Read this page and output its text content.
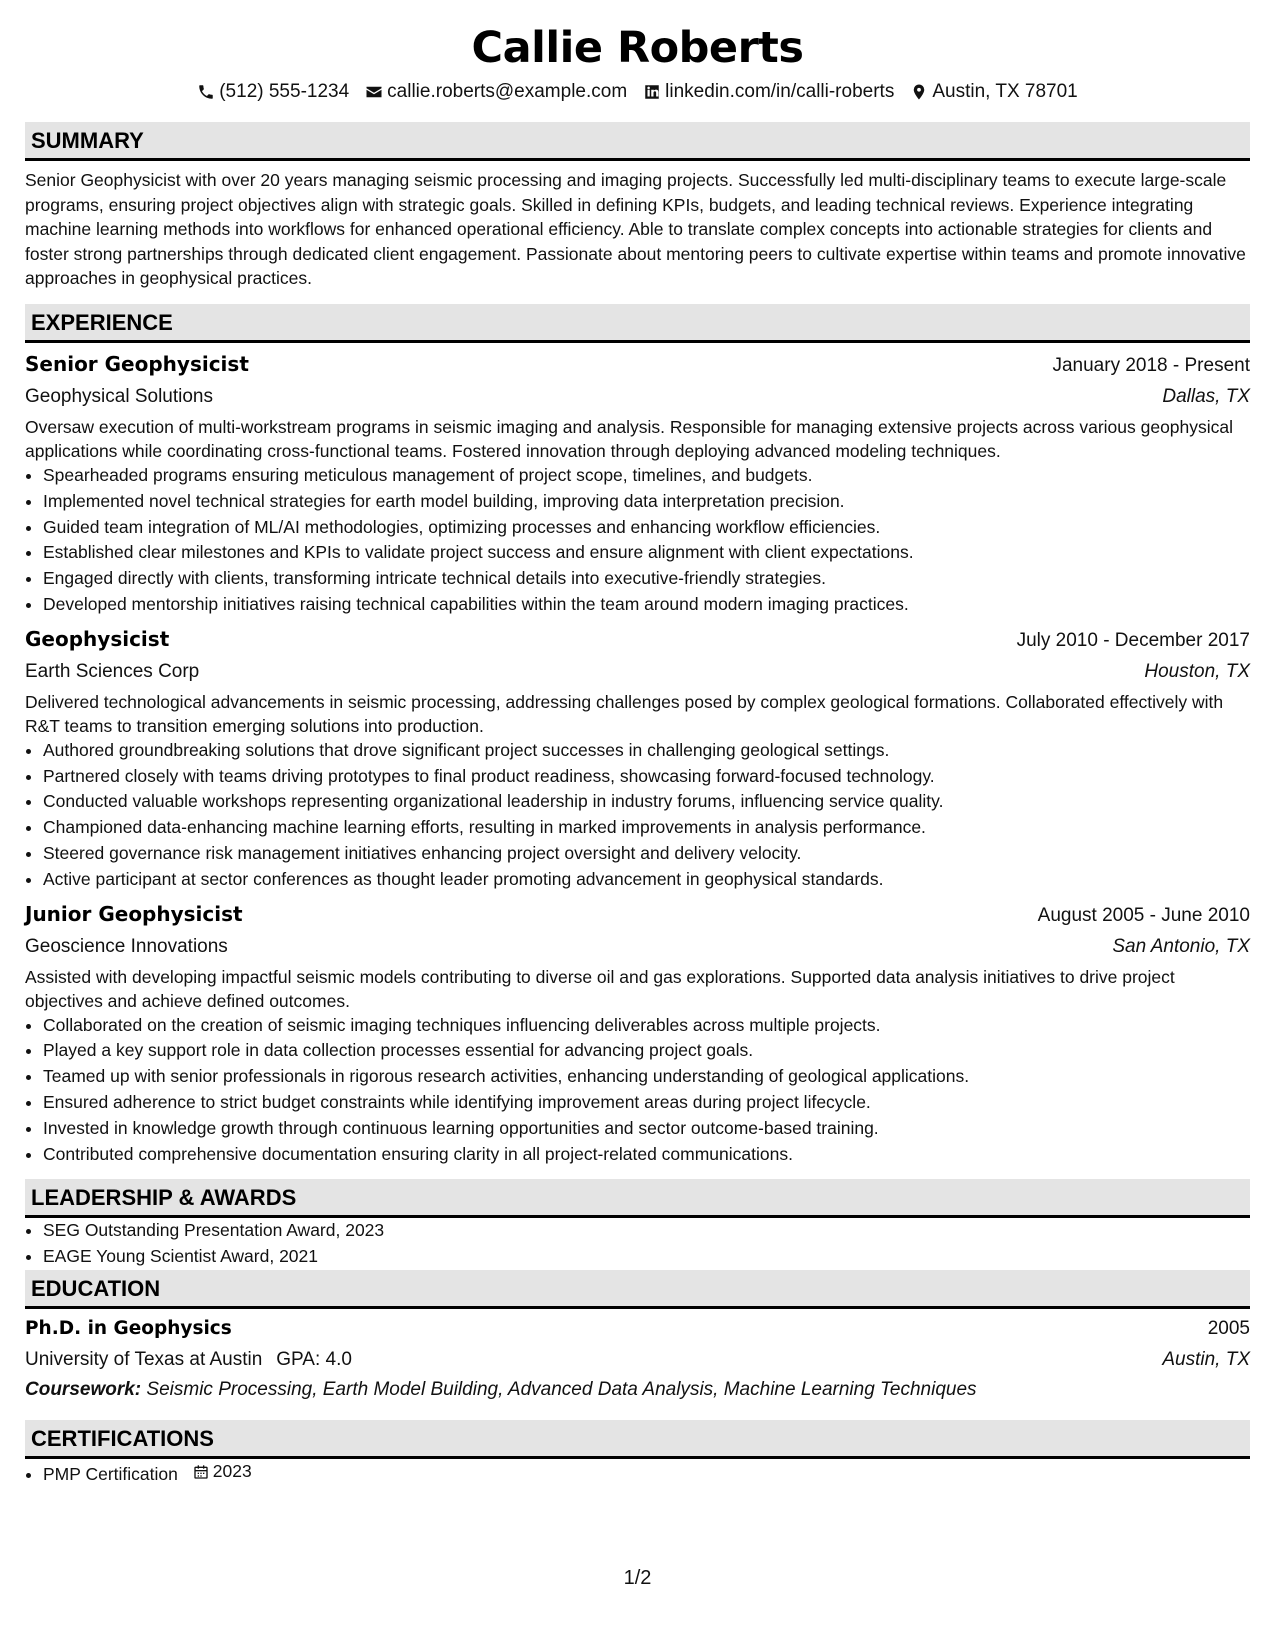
Callie Roberts
(512) 555-1234 callie.roberts@example.com linkedin.com/in/calli-roberts Austin, TX 78701
SUMMARY
Senior Geophysicist with over 20 years managing seismic processing and imaging projects. Successfully led multi-disciplinary teams to execute large-scale programs, ensuring project objectives align with strategic goals. Skilled in defining KPIs, budgets, and leading technical reviews. Experience integrating machine learning methods into workflows for enhanced operational efficiency. Able to translate complex concepts into actionable strategies for clients and foster strong partnerships through dedicated client engagement. Passionate about mentoring peers to cultivate expertise within teams and promote innovative approaches in geophysical practices.
EXPERIENCE
Senior Geophysicist	January 2018 - Present
Geophysical Solutions	Dallas, TX
Oversaw execution of multi-workstream programs in seismic imaging and analysis. Responsible for managing extensive projects across various geophysical applications while coordinating cross-functional teams. Fostered innovation through deploying advanced modeling techniques.
• Spearheaded programs ensuring meticulous management of project scope, timelines, and budgets.
• Implemented novel technical strategies for earth model building, improving data interpretation precision.
• Guided team integration of ML/AI methodologies, optimizing processes and enhancing workflow efficiencies.
• Established clear milestones and KPIs to validate project success and ensure alignment with client expectations.
• Engaged directly with clients, transforming intricate technical details into executive-friendly strategies.
• Developed mentorship initiatives raising technical capabilities within the team around modern imaging practices.
Geophysicist	July 2010 - December 2017
Earth Sciences Corp	Houston, TX
Delivered technological advancements in seismic processing, addressing challenges posed by complex geological formations. Collaborated effectively with R&T teams to transition emerging solutions into production.
• Authored groundbreaking solutions that drove significant project successes in challenging geological settings.
• Partnered closely with teams driving prototypes to final product readiness, showcasing forward-focused technology.
• Conducted valuable workshops representing organizational leadership in industry forums, influencing service quality.
• Championed data-enhancing machine learning efforts, resulting in marked improvements in analysis performance.
• Steered governance risk management initiatives enhancing project oversight and delivery velocity.
• Active participant at sector conferences as thought leader promoting advancement in geophysical standards.
Junior Geophysicist	August 2005 - June 2010
Geoscience Innovations	San Antonio, TX
Assisted with developing impactful seismic models contributing to diverse oil and gas explorations. Supported data analysis initiatives to drive project objectives and achieve defined outcomes.
• Collaborated on the creation of seismic imaging techniques influencing deliverables across multiple projects.
• Played a key support role in data collection processes essential for advancing project goals.
• Teamed up with senior professionals in rigorous research activities, enhancing understanding of geological applications.
• Ensured adherence to strict budget constraints while identifying improvement areas during project lifecycle.
• Invested in knowledge growth through continuous learning opportunities and sector outcome-based training.
• Contributed comprehensive documentation ensuring clarity in all project-related communications.
LEADERSHIP & AWARDS
• SEG Outstanding Presentation Award, 2023
• EAGE Young Scientist Award, 2021
EDUCATION
Ph.D. in Geophysics	2005
University of Texas at Austin GPA: 4.0	Austin, TX
Coursework: Seismic Processing, Earth Model Building, Advanced Data Analysis, Machine Learning Techniques
CERTIFICATIONS
• PMP Certification 2023
1/2
